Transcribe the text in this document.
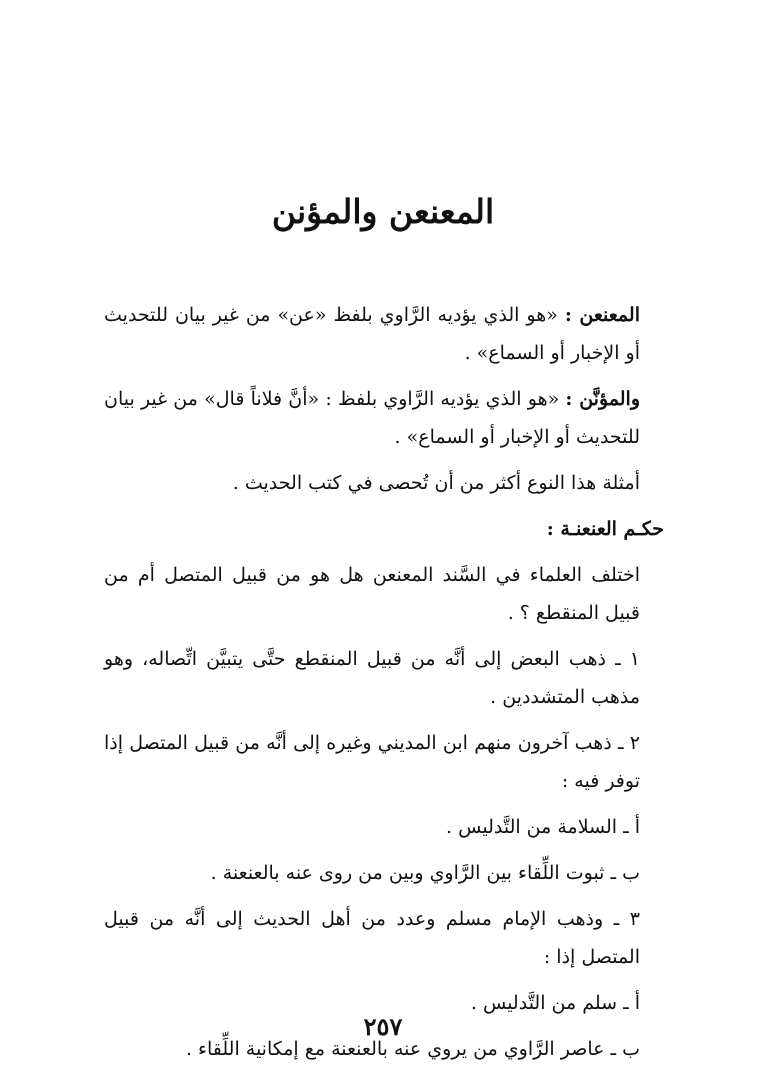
المعنعن والمؤنن

المعنعن : «هو الذي يؤديه الرَّاوي بلفظ «عن» من غير بيان للتحديث أو الإخبار أو السماع» .

والمؤنَّن : «هو الذي يؤديه الرَّاوي بلفظ : «أنَّ فلاناً قال» من غير بيان للتحديث أو الإخبار أو السماع» .

أمثلة هذا النوع أكثر من أن تُحصى في كتب الحديث .

حكـم العنعنـة :

اختلف العلماء في السَّند المعنعن هل هو من قبيل المتصل أم من قبيل المنقطع ؟ .

١ ـ ذهب البعض إلى أنَّه من قبيل المنقطع حتَّى يتبيَّن اتِّصاله، وهو مذهب المتشددين .

٢ ـ ذهب آخرون منهم ابن المديني وغيره إلى أنَّه من قبيل المتصل إذا توفر فيه :

أ ـ السلامة من التَّدليس .

ب ـ ثبوت اللِّقاء بين الرَّاوي وبين من روى عنه بالعنعنة .

٣ ـ وذهب الإمام مسلم وعدد من أهل الحديث إلى أنَّه من قبيل المتصل إذا :

أ ـ سلم من التَّدليس .

ب ـ عاصر الرَّاوي من يروي عنه بالعنعنة مع إمكانية اللِّقاء .

٢٥٧
